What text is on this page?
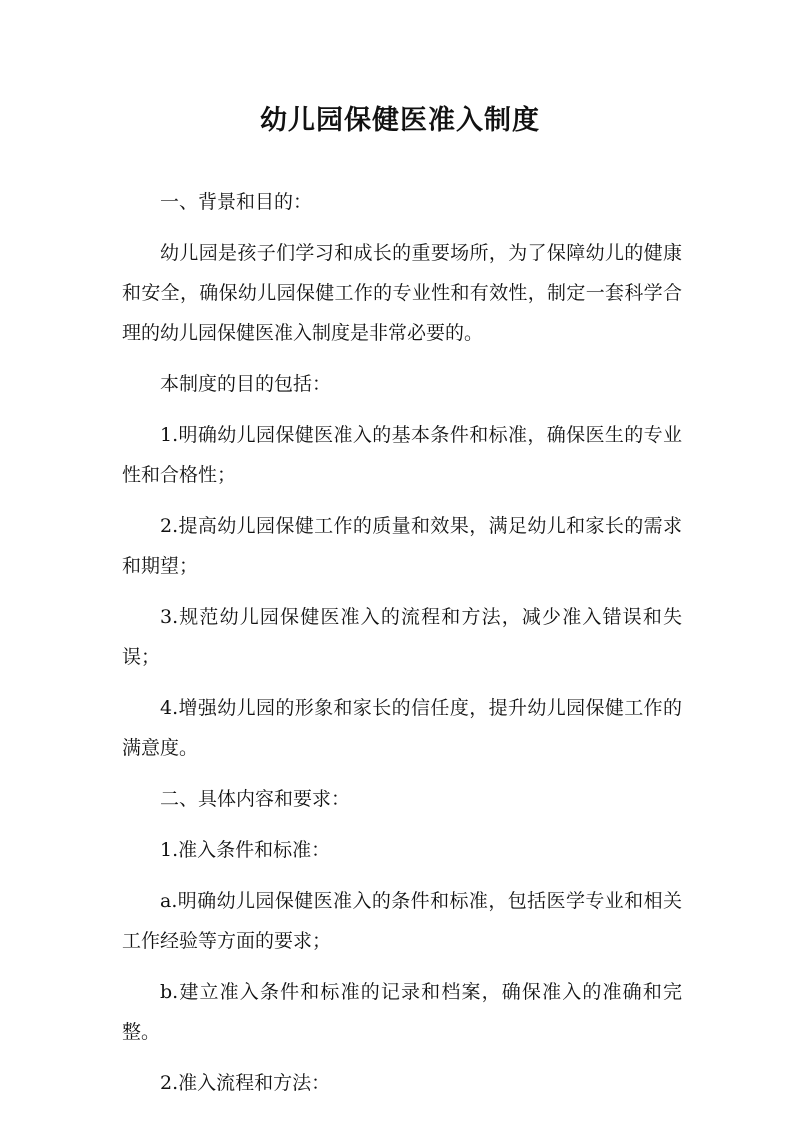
幼儿园保健医准入制度

一、背景和目的：

幼儿园是孩子们学习和成长的重要场所，为了保障幼儿的健康和安全，确保幼儿园保健工作的专业性和有效性，制定一套科学合理的幼儿园保健医准入制度是非常必要的。

本制度的目的包括：

1.明确幼儿园保健医准入的基本条件和标准，确保医生的专业性和合格性；

2.提高幼儿园保健工作的质量和效果，满足幼儿和家长的需求和期望；

3.规范幼儿园保健医准入的流程和方法，减少准入错误和失误；

4.增强幼儿园的形象和家长的信任度，提升幼儿园保健工作的满意度。

二、具体内容和要求：

1.准入条件和标准：

a.明确幼儿园保健医准入的条件和标准，包括医学专业和相关工作经验等方面的要求；

b.建立准入条件和标准的记录和档案，确保准入的准确和完整。

2.准入流程和方法：
